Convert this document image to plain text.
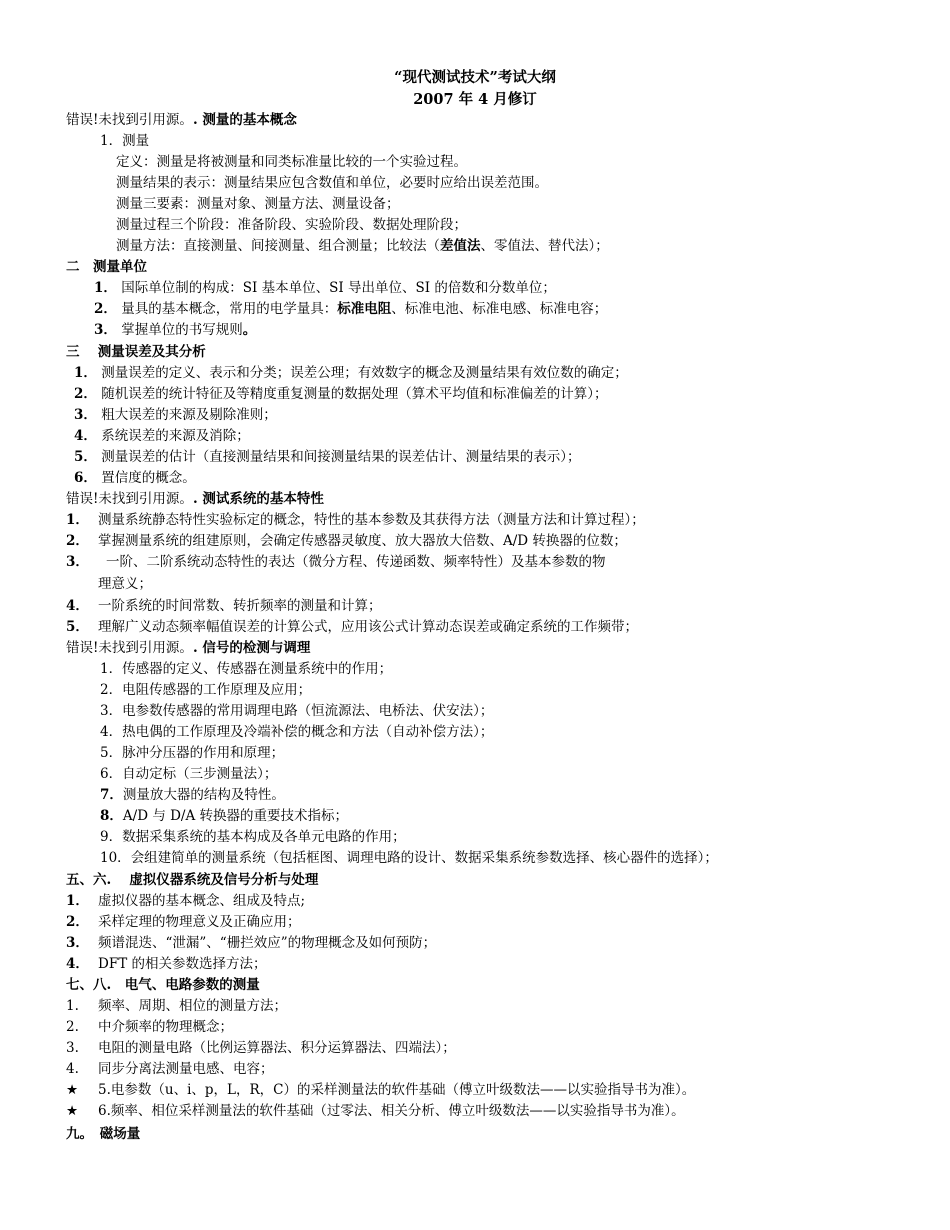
“现代测试技术”考试大纲
2007 年 4 月修订
错误!未找到引用源。. 测量的基本概念
1．测量
定义：测量是将被测量和同类标准量比较的一个实验过程。
测量结果的表示：测量结果应包含数值和单位，必要时应给出误差范围。
测量三要素：测量对象、测量方法、测量设备；
测量过程三个阶段：准备阶段、实验阶段、数据处理阶段；
测量方法：直接测量、间接测量、组合测量；比较法（差值法、零值法、替代法）；
二　测量单位
1． 国际单位制的构成：SI 基本单位、SI 导出单位、SI 的倍数和分数单位；
2． 量具的基本概念，常用的电学量具：标准电阻、标准电池、标准电感、标准电容；
3． 掌握单位的书写规则。
三　 测量误差及其分析
1． 测量误差的定义、表示和分类；误差公理；有效数字的概念及测量结果有效位数的确定；
2． 随机误差的统计特征及等精度重复测量的数据处理（算术平均值和标准偏差的计算）；
3． 粗大误差的来源及剔除准则；
4． 系统误差的来源及消除；
5． 测量误差的估计（直接测量结果和间接测量结果的误差估计、测量结果的表示）；
6． 置信度的概念。
错误!未找到引用源。. 测试系统的基本特性
1． 测量系统静态特性实验标定的概念，特性的基本参数及其获得方法（测量方法和计算过程）；
2． 掌握测量系统的组建原则，会确定传感器灵敏度、放大器放大倍数、A/D 转换器的位数；
3． 一阶、二阶系统动态特性的表达（微分方程、传递函数、频率特性）及基本参数的物
理意义；
4． 一阶系统的时间常数、转折频率的测量和计算；
5． 理解广义动态频率幅值误差的计算公式，应用该公式计算动态误差或确定系统的工作频带；
错误!未找到引用源。. 信号的检测与调理
1．传感器的定义、传感器在测量系统中的作用；
2．电阻传感器的工作原理及应用；
3．电参数传感器的常用调理电路（恒流源法、电桥法、伏安法）；
4．热电偶的工作原理及冷端补偿的概念和方法（自动补偿方法）；
5．脉冲分压器的作用和原理；
6．自动定标（三步测量法）；
7．测量放大器的结构及特性。
8．A/D 与 D/A 转换器的重要技术指标；
9．数据采集系统的基本构成及各单元电路的作用；
10．会组建简单的测量系统（包括框图、调理电路的设计、数据采集系统参数选择、核心器件的选择）；
五、六.　 虚拟仪器系统及信号分析与处理
1． 虚拟仪器的基本概念、组成及特点;
2． 采样定理的物理意义及正确应用；
3． 频谱混迭、“泄漏”、“栅拦效应”的物理概念及如何预防；
4． DFT 的相关参数选择方法；
七、八.　电气、电路参数的测量
1. 频率、周期、相位的测量方法；
2. 中介频率的物理概念；
3. 电阻的测量电路（比例运算器法、积分运算器法、四端法）；
4. 同步分离法测量电感、电容；
★ 5.电参数（u、i、p，L，R，C）的采样测量法的软件基础（傅立叶级数法——以实验指导书为准）。
★ 6.频率、相位采样测量法的软件基础（过零法、相关分析、傅立叶级数法——以实验指导书为准）。
九。　磁场量
